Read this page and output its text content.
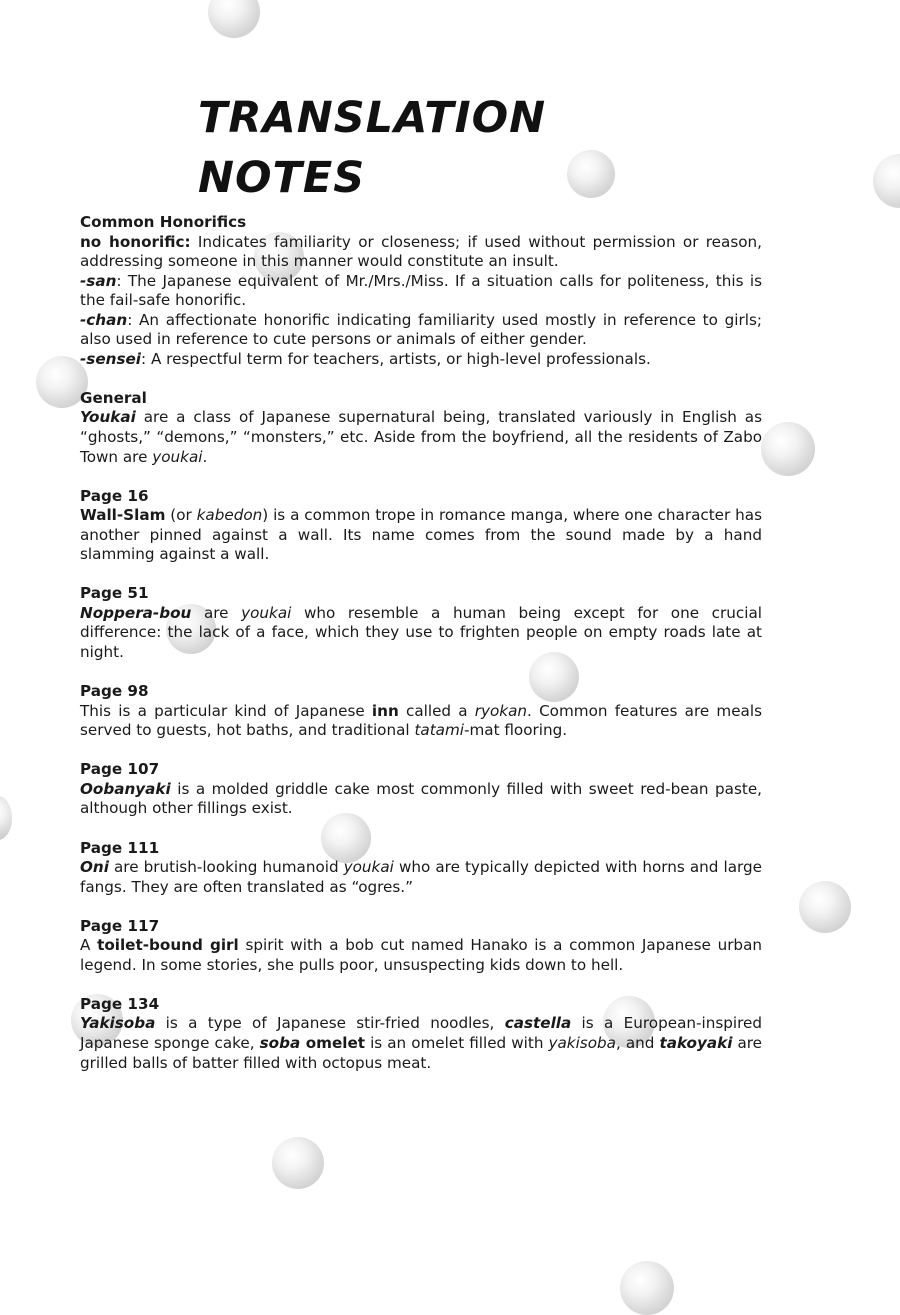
TRANSLATION NOTES

Common Honorifics

no honorific: Indicates familiarity or closeness; if used without permission or reason, addressing someone in this manner would constitute an insult.

-san: The Japanese equivalent of Mr./Mrs./Miss. If a situation calls for politeness, this is the fail-safe honorific.

-chan: An affectionate honorific indicating familiarity used mostly in reference to girls; also used in reference to cute persons or animals of either gender.

-sensei: A respectful term for teachers, artists, or high-level professionals.

General

Youkai are a class of Japanese supernatural being, translated variously in English as “ghosts,” “demons,” “monsters,” etc. Aside from the boyfriend, all the residents of Zabo Town are youkai.

Page 16

Wall-Slam (or kabedon) is a common trope in romance manga, where one character has another pinned against a wall. Its name comes from the sound made by a hand slamming against a wall.

Page 51

Noppera-bou are youkai who resemble a human being except for one crucial difference: the lack of a face, which they use to frighten people on empty roads late at night.

Page 98

This is a particular kind of Japanese inn called a ryokan. Common features are meals served to guests, hot baths, and traditional tatami-mat flooring.

Page 107

Oobanyaki is a molded griddle cake most commonly filled with sweet red-bean paste, although other fillings exist.

Page 111

Oni are brutish-looking humanoid youkai who are typically depicted with horns and large fangs. They are often translated as “ogres.”

Page 117

A toilet-bound girl spirit with a bob cut named Hanako is a common Japanese urban legend. In some stories, she pulls poor, unsuspecting kids down to hell.

Page 134

Yakisoba is a type of Japanese stir-fried noodles, castella is a European-inspired Japanese sponge cake, soba omelet is an omelet filled with yakisoba, and takoyaki are grilled balls of batter filled with octopus meat.
